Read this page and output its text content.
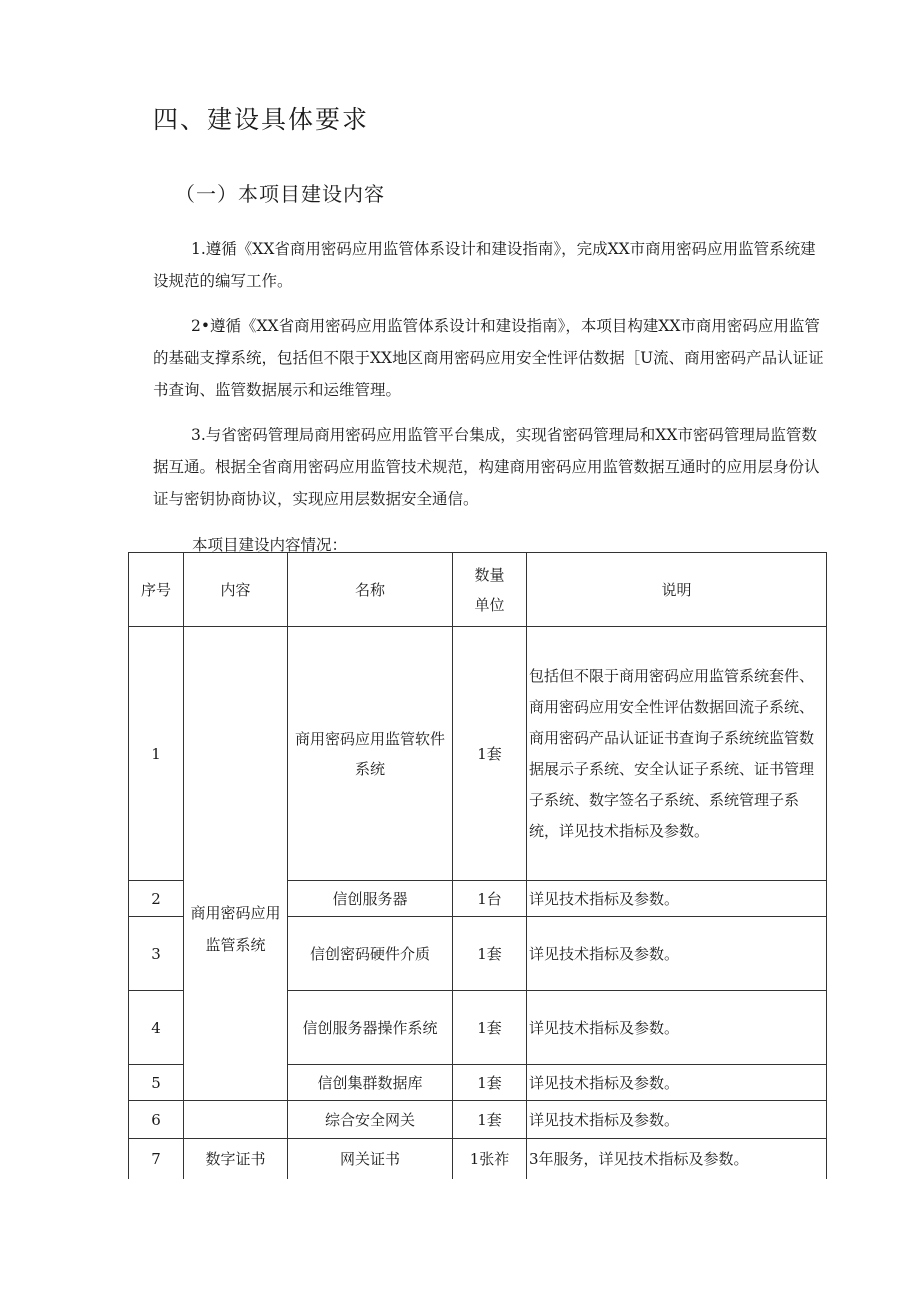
四、建设具体要求
（一）本项目建设内容

1.遵循《XX省商用密码应用监管体系设计和建设指南》，完成XX市商用密码应用监管系统建设规范的编写工作。

2•遵循《XX省商用密码应用监管体系设计和建设指南》，本项目构建XX市商用密码应用监管的基础支撑系统，包括但不限于XX地区商用密码应用安全性评估数据［U流、商用密码产品认证证书查询、监管数据展示和运维管理。

3.与省密码管理局商用密码应用监管平台集成，实现省密码管理局和XX市密码管理局监管数据互通。根据全省商用密码应用监管技术规范，构建商用密码应用监管数据互通时的应用层身份认证与密钥协商协议，实现应用层数据安全通信。

本项目建设内容情况：
序号	内容	名称	数量单位	说明
1	商用密码应用监管系统	商用密码应用监管软件系统	1套	包括但不限于商用密码应用监管系统套件、商用密码应用安全性评估数据回流子系统、商用密码产品认证证书查询子系统统监管数据展示子系统、安全认证子系统、证书管理子系统、数字签名子系统、系统管理子系统，详见技术指标及参数。
2		信创服务器	1台	详见技术指标及参数。
3		信创密码硬件介质	1套	详见技术指标及参数。
4		信创服务器操作系统	1套	详见技术指标及参数。
5		信创集群数据库	1套	详见技术指标及参数。
6		综合安全网关	1套	详见技术指标及参数。
7	数字证书	网关证书	1张祚	3年服务，详见技术指标及参数。
